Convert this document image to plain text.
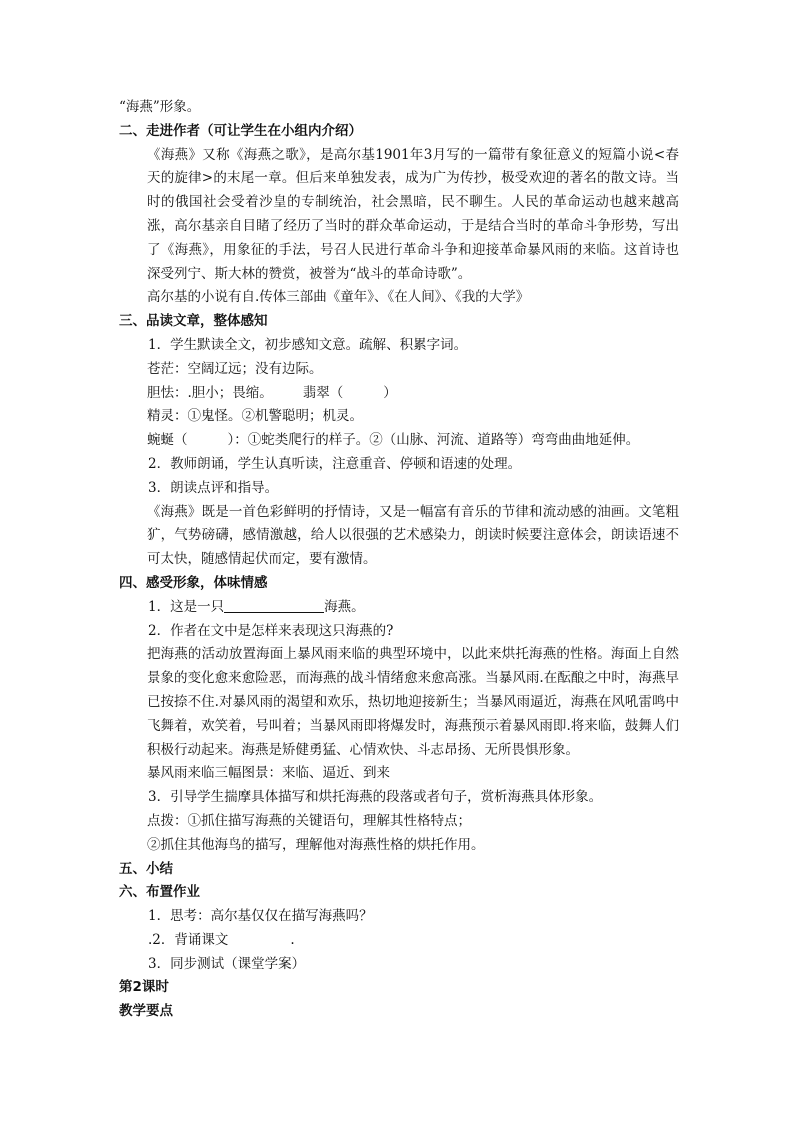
“海燕”形象。
二、走进作者（可让学生在小组内介绍）
《海燕》又称《海燕之歌》，是高尔基1901年3月写的一篇带有象征意义的短篇小说<春天的旋律>的末尾一章。但后来单独发表，成为广为传抄，极受欢迎的著名的散文诗。当时的俄国社会受着沙皇的专制统治，社会黑暗，民不聊生。人民的革命运动也越来越高涨，高尔基亲自目睹了经历了当时的群众革命运动，于是结合当时的革命斗争形势，写出了《海燕》，用象征的手法，号召人民进行革命斗争和迎接革命暴风雨的来临。这首诗也深受列宁、斯大林的赞赏，被誉为“战斗的革命诗歌”。
高尔基的小说有自.传体三部曲《童年》、《在人间》、《我的大学》
三、品读文章，整体感知
1．学生默读全文，初步感知文意。疏解、积累字词。
苍茫：空阔辽远；没有边际。
胆怯：.胆小；畏缩。 翡翠（	）
精灵：①鬼怪。②机警聪明；机灵。
蜿蜒（	）：①蛇类爬行的样子。②（山脉、河流、道路等）弯弯曲曲地延伸。
2．教师朗诵，学生认真听读，注意重音、停顿和语速的处理。
3．朗读点评和指导。
《海燕》既是一首色彩鲜明的抒情诗，又是一幅富有音乐的节律和流动感的油画。文笔粗犷，气势磅礴，感情激越，给人以很强的艺术感染力，朗读时候要注意体会，朗读语速不可太快，随感情起伏而定，要有激情。
四、感受形象，体味情感
1．这是一只	海燕。
2．作者在文中是怎样来表现这只海燕的?
把海燕的活动放置海面上暴风雨来临的典型环境中，以此来烘托海燕的性格。海面上自然景象的变化愈来愈险恶，而海燕的战斗情绪愈来愈高涨。当暴风雨.在酝酿之中时，海燕早已按捺不住.对暴风雨的渴望和欢乐，热切地迎接新生；当暴风雨逼近，海燕在风吼雷鸣中飞舞着，欢笑着，号叫着；当暴风雨即将爆发时，海燕预示着暴风雨即.将来临，鼓舞人们积极行动起来。海燕是矫健勇猛、心情欢快、斗志昂扬、无所畏惧形象。
暴风雨来临三幅图景：来临、逼近、到来
3．引导学生揣摩具体描写和烘托海燕的段落或者句子，赏析海燕具体形象。
点拨：①抓住描写海燕的关键语句，理解其性格特点；
②抓住其他海鸟的描写，理解他对海燕性格的烘托作用。
五、小结
六、布置作业
1．思考：高尔基仅仅在描写海燕吗？
.2．背诵课文	.
3．同步测试（课堂学案）
第2课时
教学要点
